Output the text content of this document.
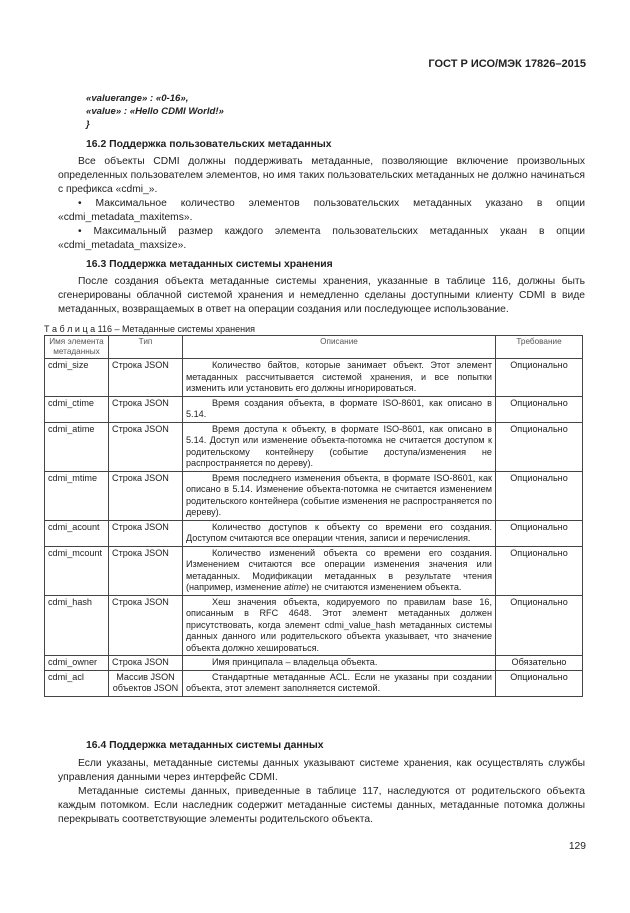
ГОСТ Р ИСО/МЭК 17826–2015
«valuerange» : «0-16»,
«value» : «Hello CDMI World!»
}
16.2 Поддержка пользовательских метаданных

Все объекты CDMI должны поддерживать метаданные, позволяющие включение произвольных определенных пользователем элементов, но имя таких пользовательских метаданных не должно начинаться с префикса «cdmi_».

• Максимальное количество элементов пользовательских метаданных указано в опции «cdmi_metadata_maxitems».

• Максимальный размер каждого элемента пользовательских метаданных укаан в опции «cdmi_metadata_maxsize».

16.3 Поддержка метаданных системы хранения

После создания объекта метаданные системы хранения, указанные в таблице 116, должны быть сгенерированы облачной системой хранения и немедленно сделаны доступными клиенту CDMI в виде метаданных, возвращаемых в ответ на операции создания или последующее использование.

Т а б л и ц а 116 – Метаданные системы хранения
Имя элемента метаданных	Тип	Описание	Требование
cdmi_size	Строка JSON	Количество байтов, которые занимает объект. Этот элемент метаданных рассчитывается системой хранения, и все попытки изменить или установить его должны игнорироваться.	Опционально
cdmi_ctime	Строка JSON	Время создания объекта, в формате ISO-8601, как описано в 5.14.	Опционально
cdmi_atime	Строка JSON	Время доступа к объекту, в формате ISO-8601, как описано в 5.14. Доступ или изменение объекта-потомка не считается доступом к родительскому контейнеру (событие доступа/изменения не распространяется по дереву).	Опционально
cdmi_mtime	Строка JSON	Время последнего изменения объекта, в формате ISO-8601, как описано в 5.14. Изменение объекта-потомка не считается изменением родительского контейнера (событие изменения не распространяется по дереву).	Опционально
cdmi_acount	Строка JSON	Количество доступов к объекту со времени его создания. Доступом считаются все операции чтения, записи и перечисления.	Опционально
cdmi_mcount	Строка JSON	Количество изменений объекта со времени его создания. Изменением считаются все операции изменения значения или метаданных. Модификации метаданных в результате чтения (например, изменение atime) не считаются изменением объекта.	Опционально
cdmi_hash	Строка JSON	Хеш значения объекта, кодируемого по правилам base 16, описанным в RFC 4648. Этот элемент метаданных должен присутствовать, когда элемент cdmi_value_hash метаданных системы данных данного или родительского объекта указывает, что значение объекта должно хешироваться.	Опционально
cdmi_owner	Строка JSON	Имя принципала – владельца объекта.	Обязательно
cdmi_acl	Массив JSON объектов JSON	Стандартные метаданные ACL. Если не указаны при создании объекта, этот элемент заполняется системой.	Опционально
16.4 Поддержка метаданных системы данных

Если указаны, метаданные системы данных указывают системе хранения, как осуществлять службы управления данными через интерфейс CDMI.

Метаданные системы данных, приведенные в таблице 117, наследуются от родительского объекта каждым потомком. Если наследник содержит метаданные системы данных, метаданные потомка должны перекрывать соответствующие элементы родительского объекта.

129
